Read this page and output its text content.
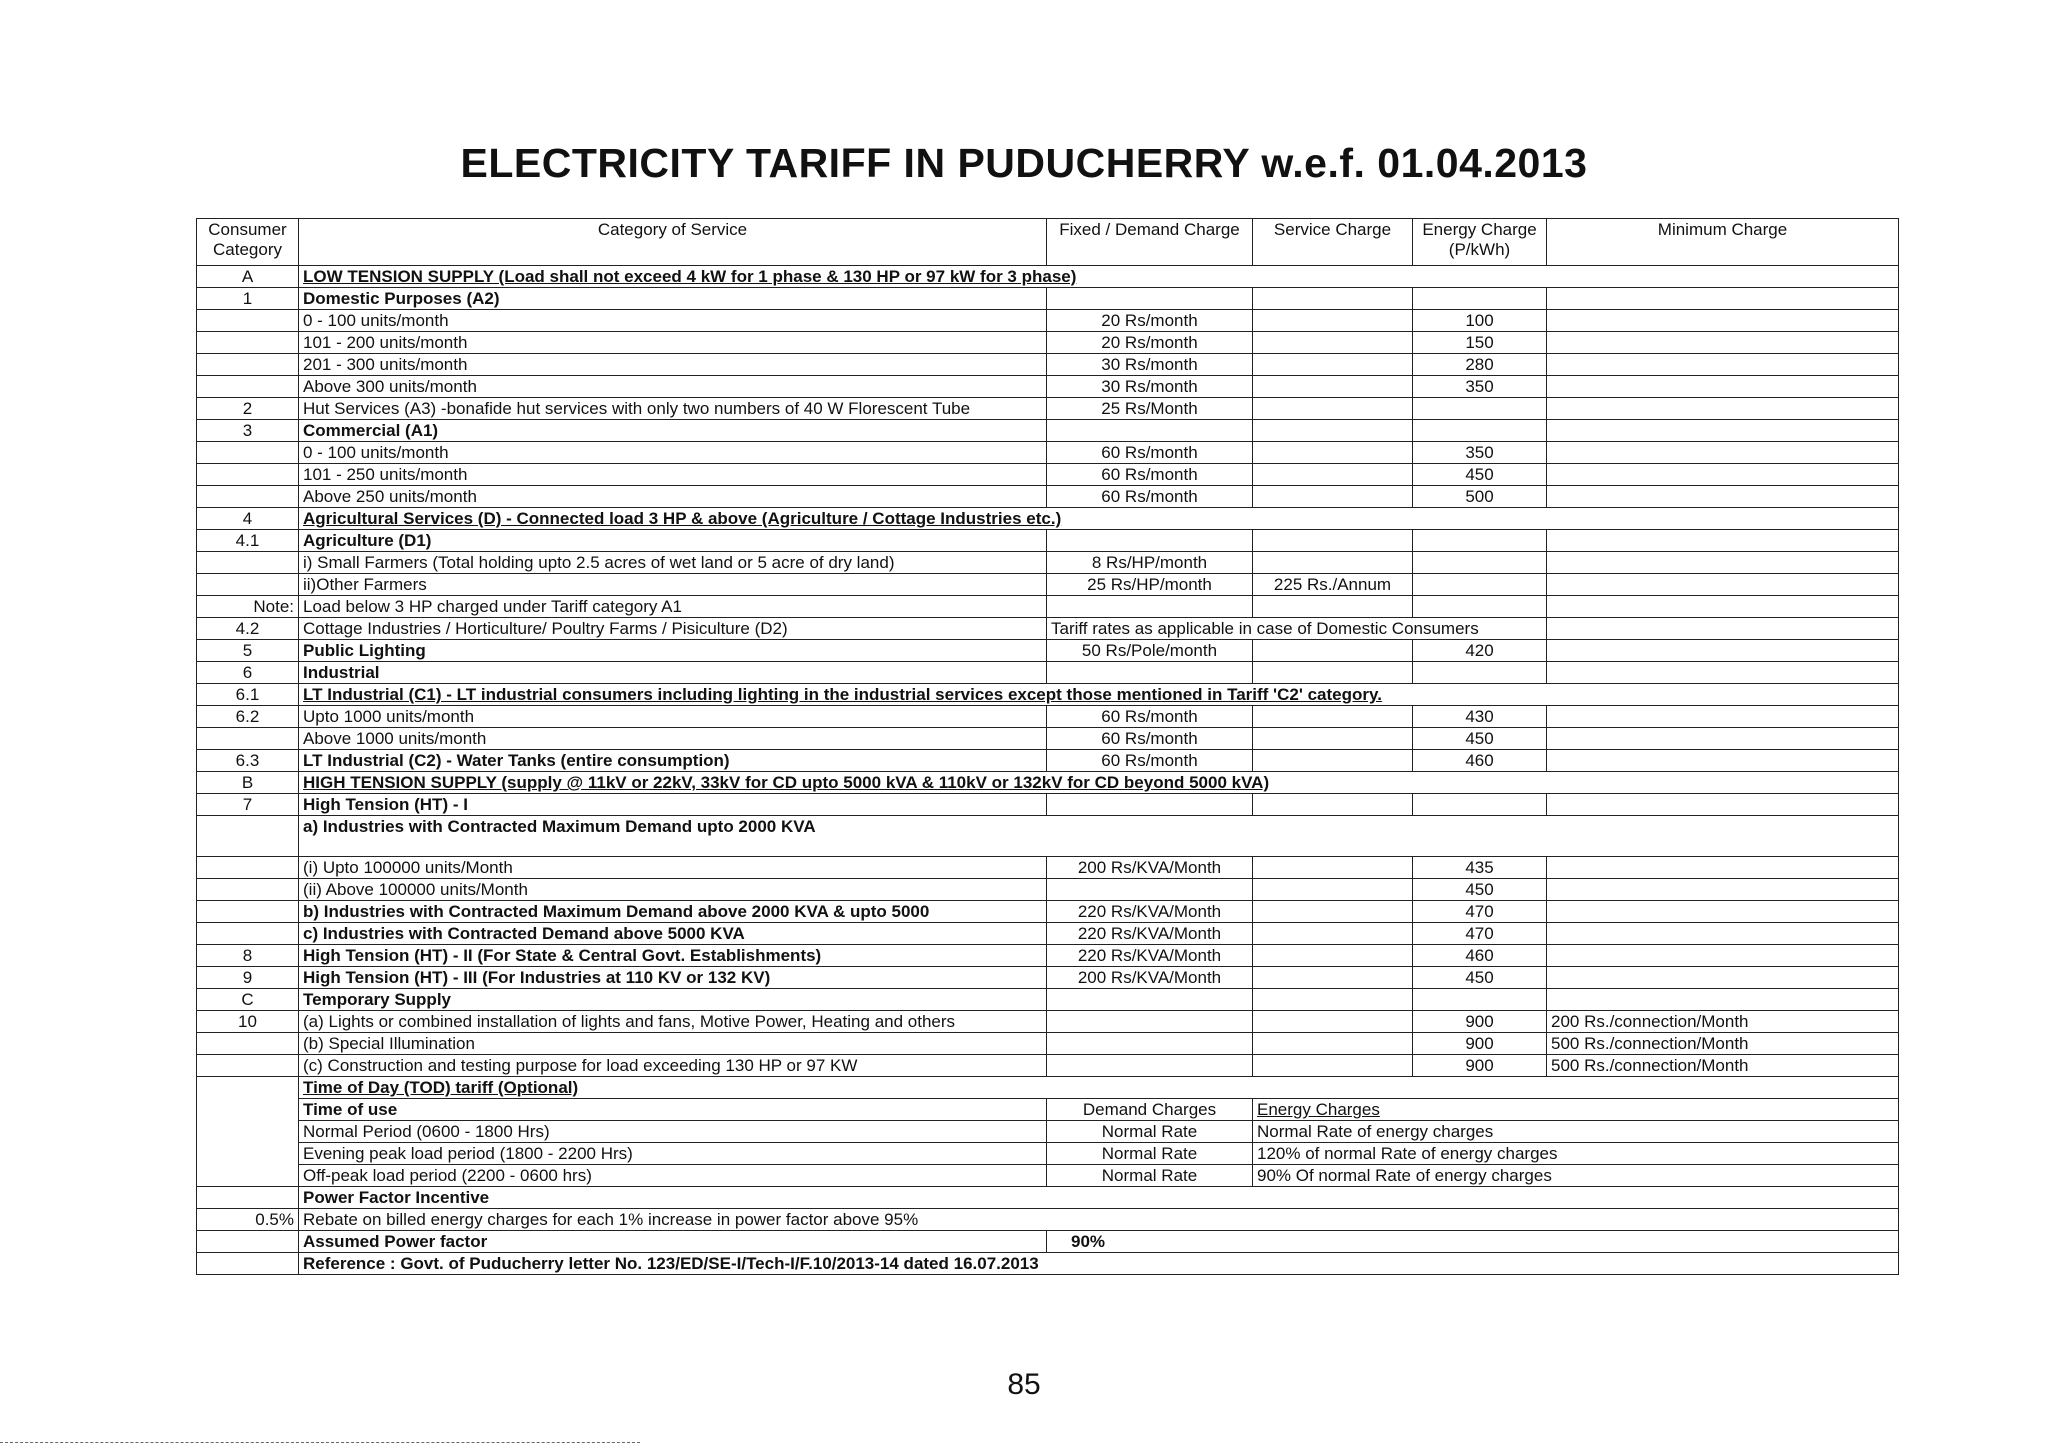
ELECTRICITY TARIFF IN PUDUCHERRY w.e.f. 01.04.2013
Consumer Category	Category of Service	Fixed / Demand Charge	Service Charge	Energy Charge (P/kWh)	Minimum Charge
A	LOW TENSION SUPPLY (Load shall not exceed 4 kW for 1 phase & 130 HP or 97 kW for 3 phase)				
1	Domestic Purposes (A2)				
	0 - 100 units/month	20 Rs/month		100	
	101 - 200 units/month	20 Rs/month		150	
	201 - 300 units/month	30 Rs/month		280	
	Above 300 units/month	30 Rs/month		350	
2	Hut Services (A3) -bonafide hut services with only two numbers of 40 W Florescent Tube	25 Rs/Month			
3	Commercial (A1)				
	0 - 100 units/month	60 Rs/month		350	
	101 - 250 units/month	60 Rs/month		450	
	Above 250 units/month	60 Rs/month		500	
4	Agricultural Services (D) - Connected load 3 HP & above (Agriculture / Cottage Industries etc.)				
4.1	Agriculture (D1)				
	i) Small Farmers (Total holding upto 2.5 acres of wet land or 5 acre of dry land)	8 Rs/HP/month			
	ii)Other Farmers	25 Rs/HP/month	225 Rs./Annum		
Note:	Load below 3 HP charged under Tariff category A1				
4.2	Cottage Industries / Horticulture/ Poultry Farms / Pisiculture (D2)	Tariff rates as applicable in case of Domestic Consumers			
5	Public Lighting	50 Rs/Pole/month		420	
6	Industrial				
6.1	LT Industrial (C1) - LT industrial consumers including lighting in the industrial services except those mentioned in Tariff 'C2' category.				
6.2	Upto 1000 units/month	60 Rs/month		430	
	Above 1000 units/month	60 Rs/month		450	
6.3	LT Industrial (C2) - Water Tanks (entire consumption)	60 Rs/month		460	
B	HIGH TENSION SUPPLY (supply @ 11kV or 22kV, 33kV for CD upto 5000 kVA & 110kV or 132kV for CD beyond 5000 kVA)				
7	High Tension (HT) - I				
	a) Industries with Contracted Maximum Demand upto 2000 KVA				
	(i) Upto 100000 units/Month	200 Rs/KVA/Month		435	
	(ii) Above 100000 units/Month			450	
	b) Industries with Contracted Maximum Demand above 2000 KVA & upto 5000	220 Rs/KVA/Month		470	
	c) Industries with Contracted Demand above 5000 KVA	220 Rs/KVA/Month		470	
8	High Tension (HT) - II (For State & Central Govt. Establishments)	220 Rs/KVA/Month		460	
9	High Tension (HT) - III (For Industries at 110 KV or 132 KV)	200 Rs/KVA/Month		450	
C	Temporary Supply				
10	(a) Lights or combined installation of lights and fans, Motive Power, Heating and others			900	200 Rs./connection/Month
	(b) Special Illumination			900	500 Rs./connection/Month
	(c) Construction and testing purpose for load exceeding 130 HP or 97 KW			900	500 Rs./connection/Month
	Time of Day (TOD) tariff (Optional)				
	Time of use	Demand Charges	Energy Charges		
	Normal Period (0600 - 1800 Hrs)	Normal Rate	Normal Rate of energy charges		
	Evening peak load period (1800 - 2200 Hrs)	Normal Rate	120% of normal Rate of energy charges		
	Off-peak load period (2200 - 0600 hrs)	Normal Rate	90% Of normal Rate of energy charges		
	Power Factor Incentive				
0.5%	Rebate on billed energy charges for each 1% increase in power factor above 95%				
	Assumed Power factor	90%			
	Reference : Govt. of Puducherry letter No. 123/ED/SE-I/Tech-I/F.10/2013-14 dated 16.07.2013				
85
